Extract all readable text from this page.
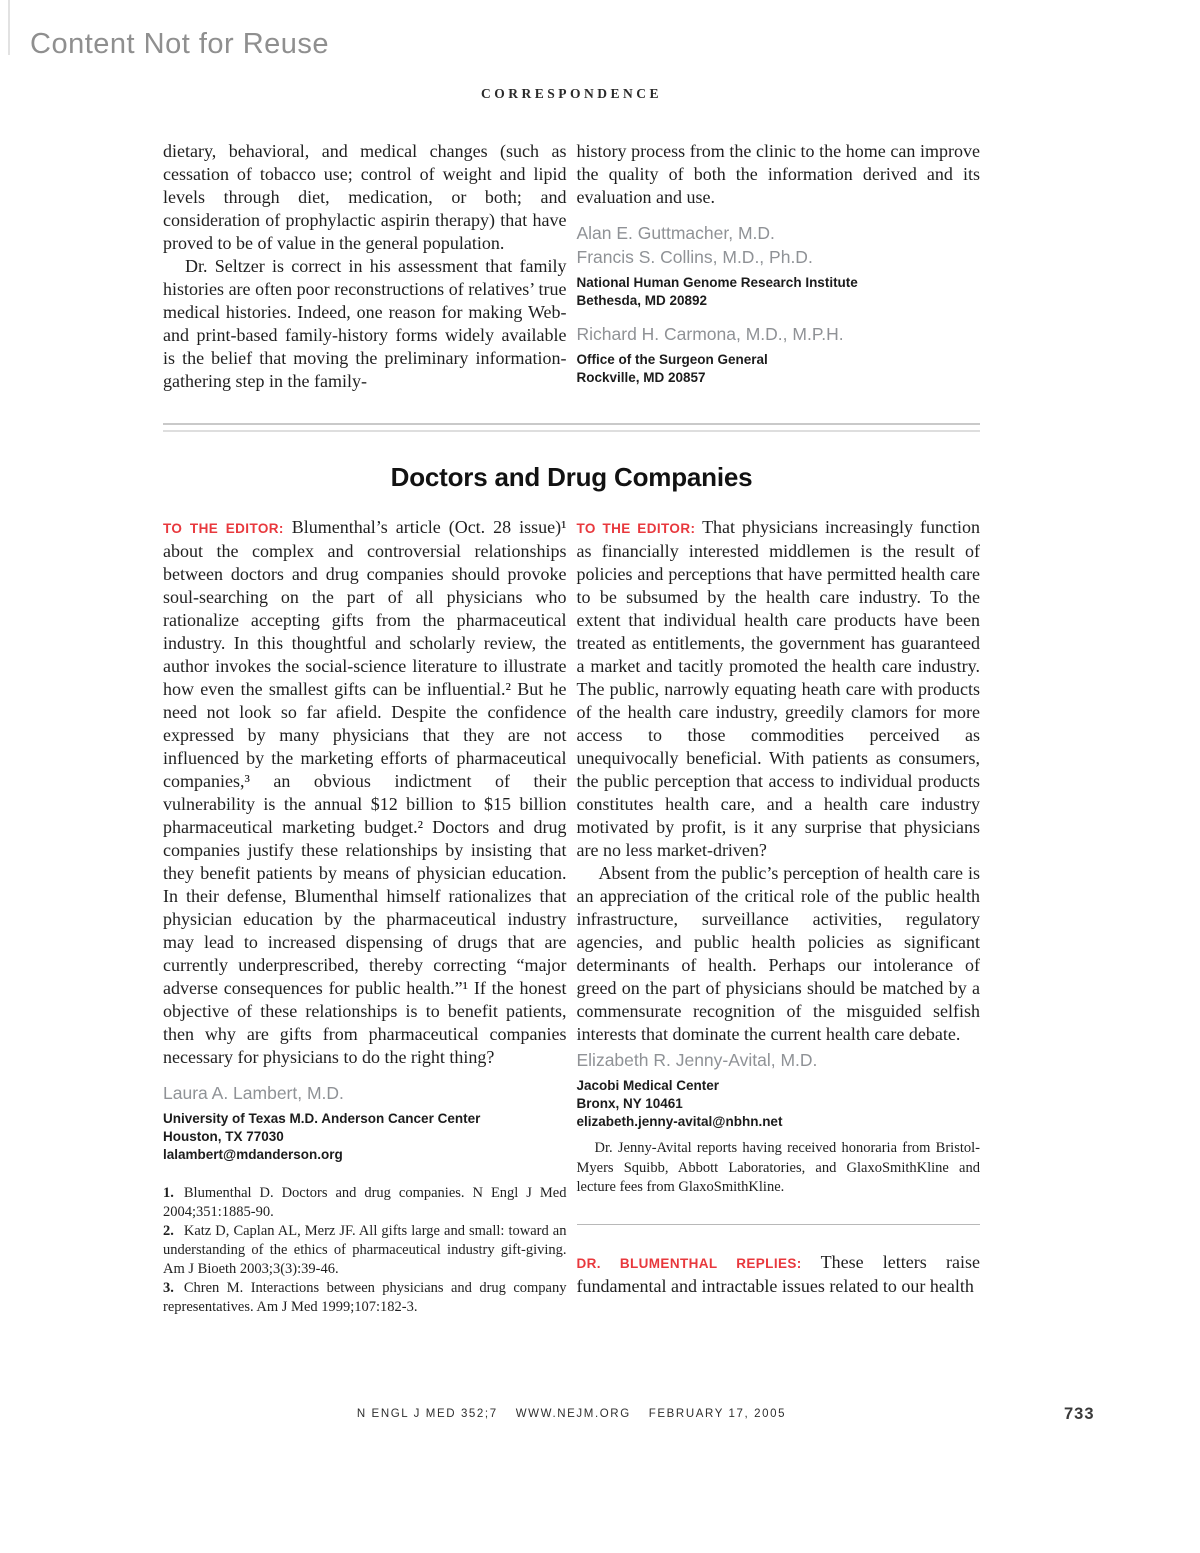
Content Not for Reuse
CORRESPONDENCE

dietary, behavioral, and medical changes (such as cessation of tobacco use; control of weight and lipid levels through diet, medication, or both; and consideration of prophylactic aspirin therapy) that have proved to be of value in the general population.

Dr. Seltzer is correct in his assessment that family histories are often poor reconstructions of relatives’ true medical histories. Indeed, one reason for making Web- and print-based family-history forms widely available is the belief that moving the preliminary information-gathering step in the family-

history process from the clinic to the home can improve the quality of both the information derived and its evaluation and use.

Alan E. Guttmacher, M.D.
Francis S. Collins, M.D., Ph.D.
National Human Genome Research Institute
Bethesda, MD 20892
Richard H. Carmona, M.D., M.P.H.
Office of the Surgeon General
Rockville, MD 20857
Doctors and Drug Companies

TO THE EDITOR: Blumenthal’s article (Oct. 28 issue)¹ about the complex and controversial relationships between doctors and drug companies should provoke soul-searching on the part of all physicians who rationalize accepting gifts from the pharmaceutical industry. In this thoughtful and scholarly review, the author invokes the social-science literature to illustrate how even the smallest gifts can be influential.² But he need not look so far afield. Despite the confidence expressed by many physicians that they are not influenced by the marketing efforts of pharmaceutical companies,³ an obvious indictment of their vulnerability is the annual $12 billion to $15 billion pharmaceutical marketing budget.² Doctors and drug companies justify these relationships by insisting that they benefit patients by means of physician education. In their defense, Blumenthal himself rationalizes that physician education by the pharmaceutical industry may lead to increased dispensing of drugs that are currently underprescribed, thereby correcting “major adverse consequences for public health.”¹ If the honest objective of these relationships is to benefit patients, then why are gifts from pharmaceutical companies necessary for physicians to do the right thing?

Laura A. Lambert, M.D.
University of Texas M.D. Anderson Cancer Center
Houston, TX 77030
lalambert@mdanderson.org
1. Blumenthal D. Doctors and drug companies. N Engl J Med 2004;351:1885-90.
2. Katz D, Caplan AL, Merz JF. All gifts large and small: toward an understanding of the ethics of pharmaceutical industry gift-giving. Am J Bioeth 2003;3(3):39-46.
3. Chren M. Interactions between physicians and drug company representatives. Am J Med 1999;107:182-3.

TO THE EDITOR: That physicians increasingly function as financially interested middlemen is the result of policies and perceptions that have permitted health care to be subsumed by the health care industry. To the extent that individual health care products have been treated as entitlements, the government has guaranteed a market and tacitly promoted the health care industry. The public, narrowly equating heath care with products of the health care industry, greedily clamors for more access to those commodities perceived as unequivocally beneficial. With patients as consumers, the public perception that access to individual products constitutes health care, and a health care industry motivated by profit, is it any surprise that physicians are no less market-driven?

Absent from the public’s perception of health care is an appreciation of the critical role of the public health infrastructure, surveillance activities, regulatory agencies, and public health policies as significant determinants of health. Perhaps our intolerance of greed on the part of physicians should be matched by a commensurate recognition of the misguided selfish interests that dominate the current health care debate.

Elizabeth R. Jenny-Avital, M.D.
Jacobi Medical Center
Bronx, NY 10461
elizabeth.jenny-avital@nbhn.net
Dr. Jenny-Avital reports having received honoraria from Bristol-Myers Squibb, Abbott Laboratories, and GlaxoSmithKline and lecture fees from GlaxoSmithKline.

DR. BLUMENTHAL REPLIES: These letters raise fundamental and intractable issues related to our health

N ENGL J MED 352;7 WWW.NEJM.ORG FEBRUARY 17, 2005	733
